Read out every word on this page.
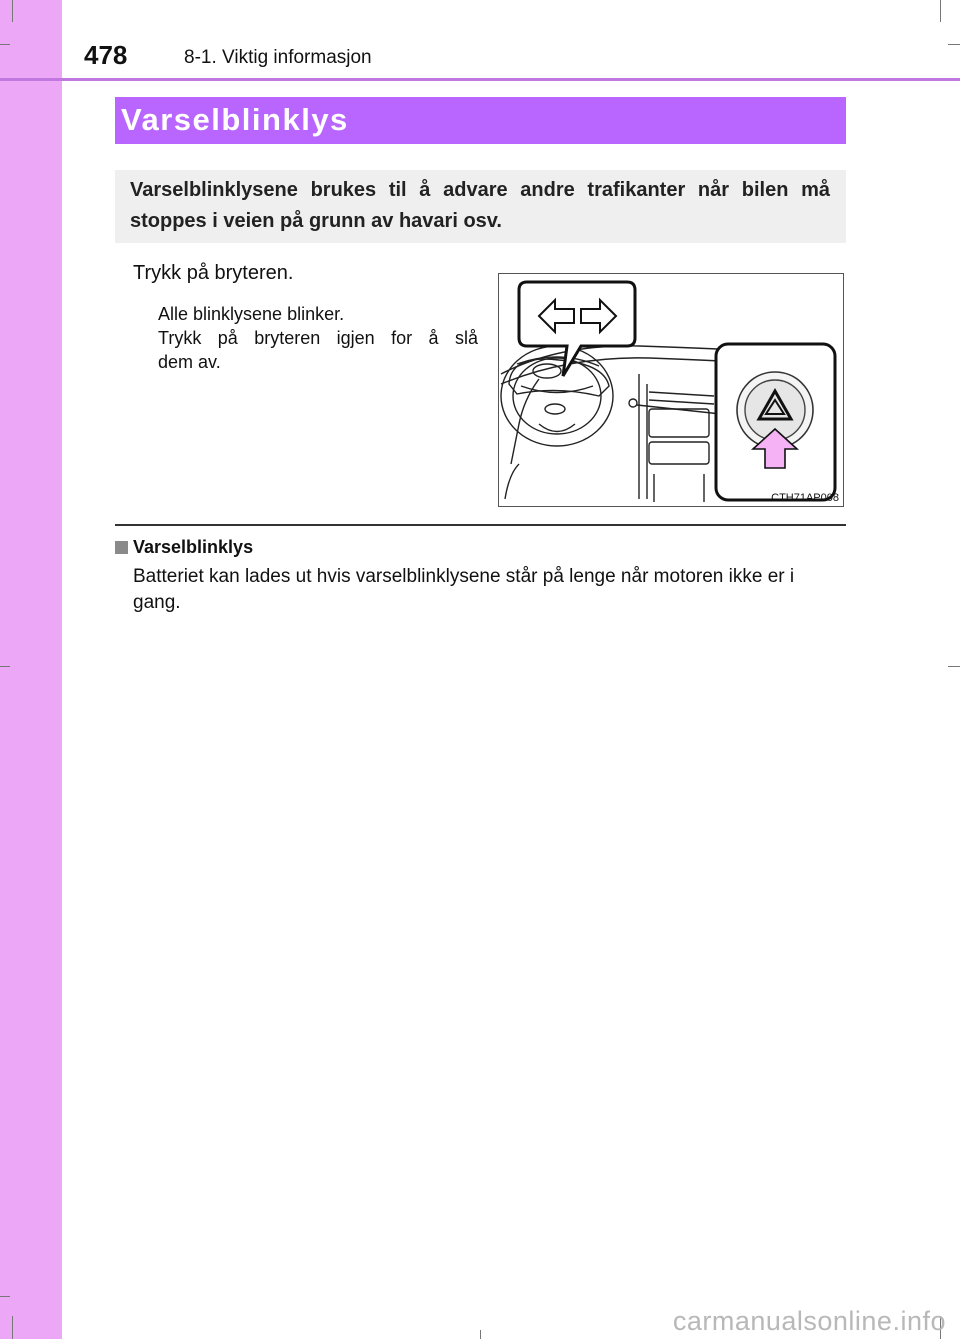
478	8-1. Viktig informasjon
Varselblinklys
Varselblinklysene brukes til å advare andre trafikanter når bilen må stoppes i veien på grunn av havari osv.
Trykk på bryteren.
Alle blinklysene blinker.
Trykk på bryteren igjen for å slå
dem av.
CTH71AP008
Varselblinklys
Batteriet kan lades ut hvis varselblinklysene står på lenge når motoren ikke er i gang.
carmanualsonline.info
